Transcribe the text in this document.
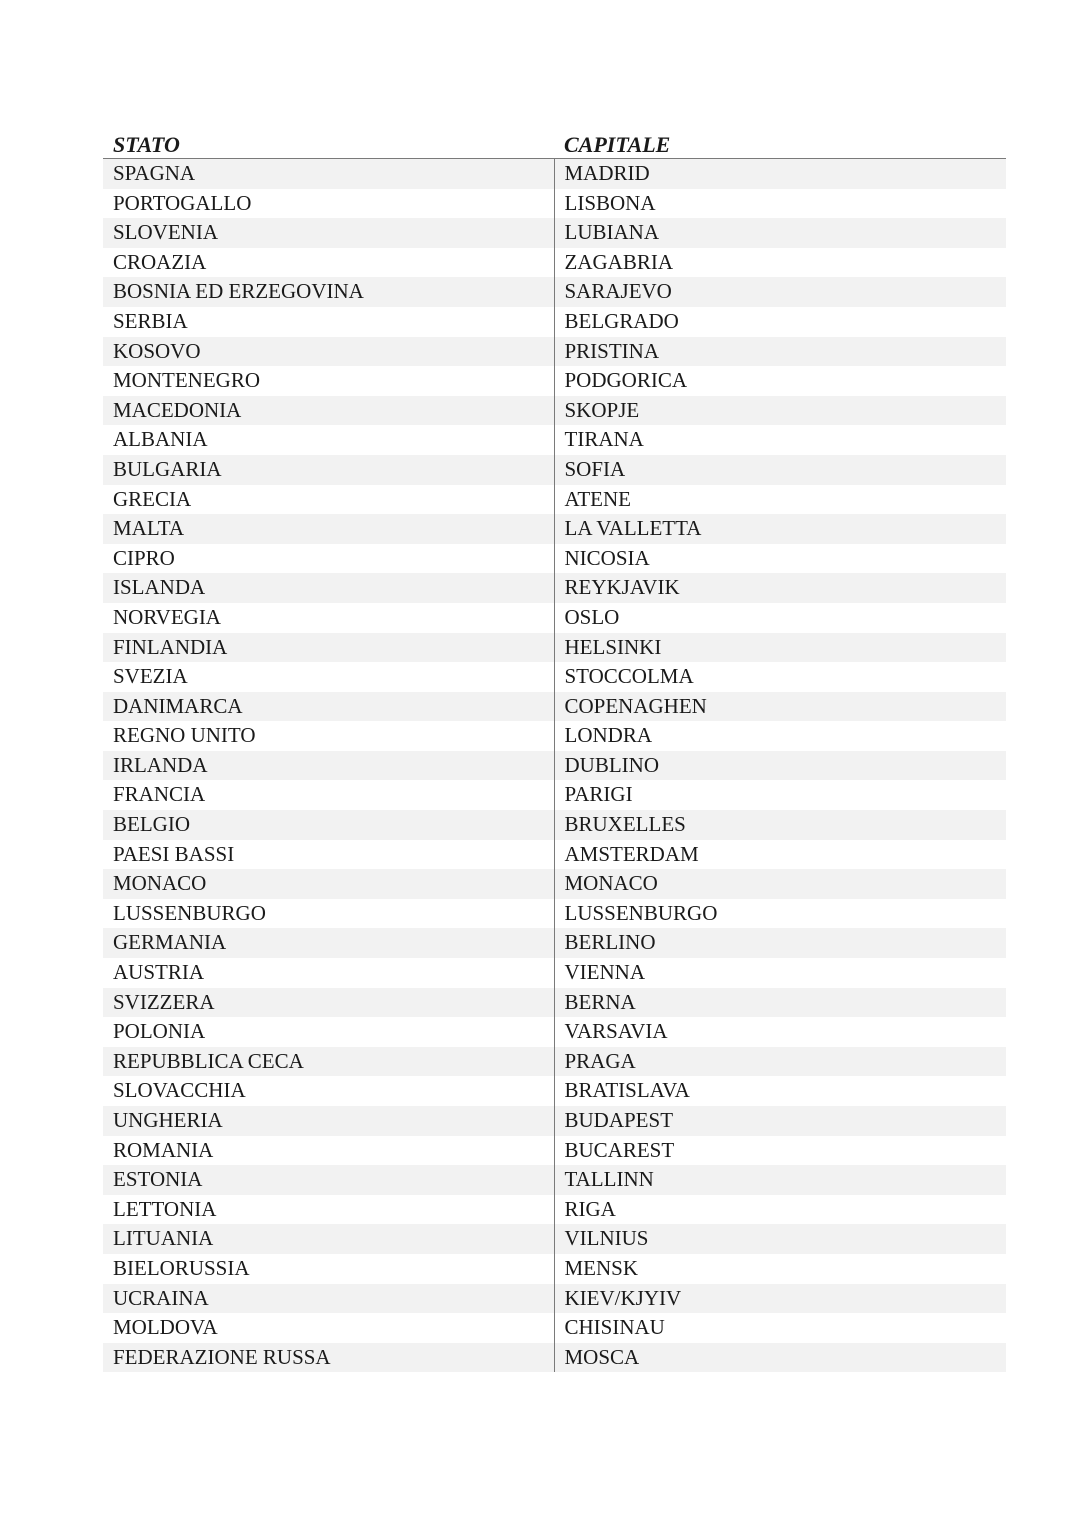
STATO	CAPITALE
SPAGNA	MADRID
PORTOGALLO	LISBONA
SLOVENIA	LUBIANA
CROAZIA	ZAGABRIA
BOSNIA ED ERZEGOVINA	SARAJEVO
SERBIA	BELGRADO
KOSOVO	PRISTINA
MONTENEGRO	PODGORICA
MACEDONIA	SKOPJE
ALBANIA	TIRANA
BULGARIA	SOFIA
GRECIA	ATENE
MALTA	LA VALLETTA
CIPRO	NICOSIA
ISLANDA	REYKJAVIK
NORVEGIA	OSLO
FINLANDIA	HELSINKI
SVEZIA	STOCCOLMA
DANIMARCA	COPENAGHEN
REGNO UNITO	LONDRA
IRLANDA	DUBLINO
FRANCIA	PARIGI
BELGIO	BRUXELLES
PAESI BASSI	AMSTERDAM
MONACO	MONACO
LUSSENBURGO	LUSSENBURGO
GERMANIA	BERLINO
AUSTRIA	VIENNA
SVIZZERA	BERNA
POLONIA	VARSAVIA
REPUBBLICA CECA	PRAGA
SLOVACCHIA	BRATISLAVA
UNGHERIA	BUDAPEST
ROMANIA	BUCAREST
ESTONIA	TALLINN
LETTONIA	RIGA
LITUANIA	VILNIUS
BIELORUSSIA	MENSK
UCRAINA	KIEV/KJYIV
MOLDOVA	CHISINAU
FEDERAZIONE RUSSA	MOSCA
